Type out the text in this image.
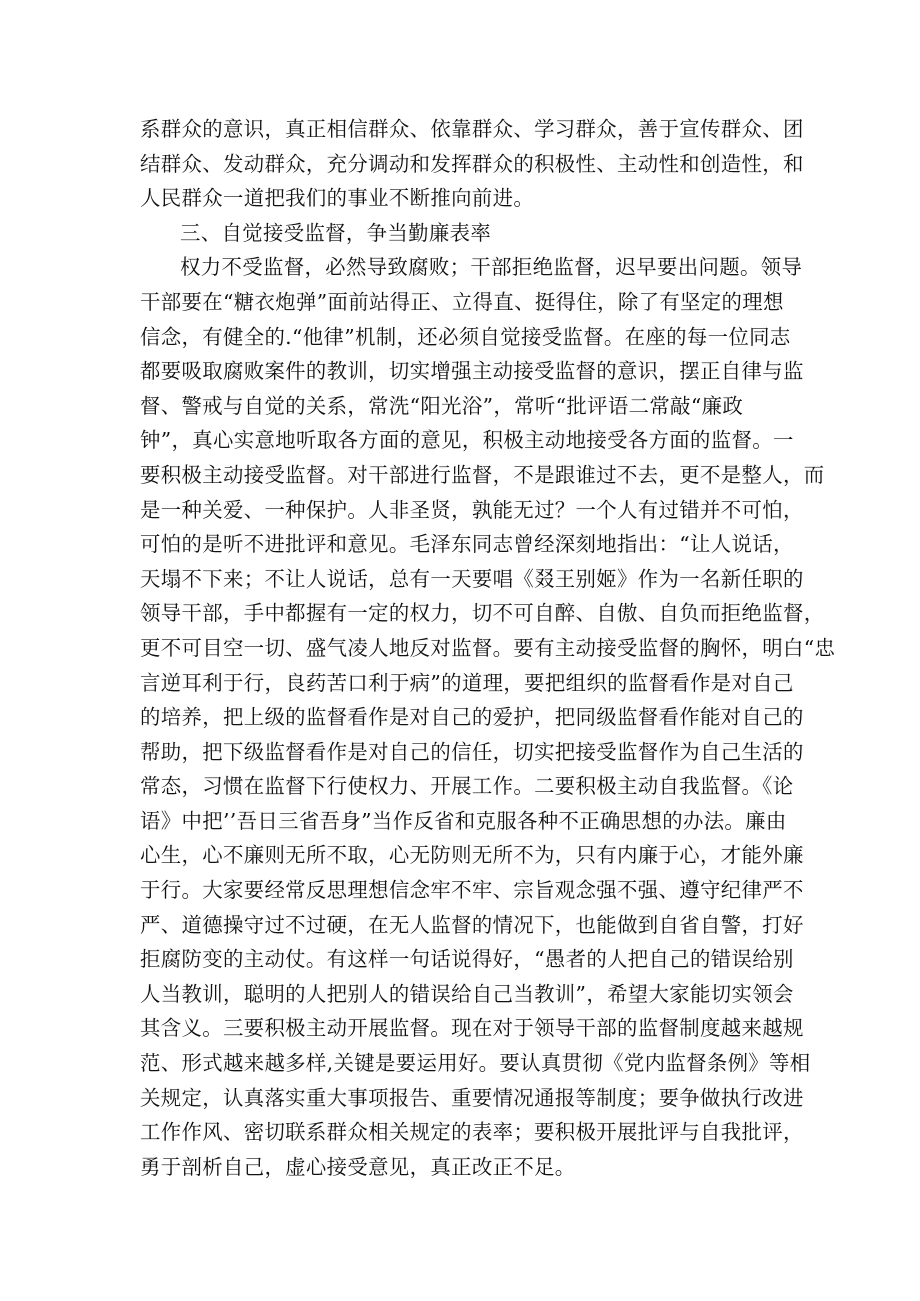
系群众的意识，真正相信群众、依靠群众、学习群众，善于宣传群众、团
结群众、发动群众，充分调动和发挥群众的积极性、主动性和创造性，和
人民群众一道把我们的事业不断推向前进。
三、自觉接受监督，争当勤廉表率
权力不受监督，必然导致腐败；干部拒绝监督，迟早要出问题。领导
干部要在“糖衣炮弹”面前站得正、立得直、挺得住，除了有坚定的理想
信念，有健全的.“他律”机制，还必须自觉接受监督。在座的每一位同志
都要吸取腐败案件的教训，切实增强主动接受监督的意识，摆正自律与监
督、警戒与自觉的关系，常洗“阳光浴”，常听“批评语二常敲“廉政
钟”，真心实意地听取各方面的意见，积极主动地接受各方面的监督。一
要积极主动接受监督。对干部进行监督，不是跟谁过不去，更不是整人，而
是一种关爱、一种保护。人非圣贤，孰能无过？一个人有过错并不可怕，
可怕的是听不进批评和意见。毛泽东同志曾经深刻地指出：“让人说话，
天塌不下来；不让人说话，总有一天要唱《叕王别姬》作为一名新任职的
领导干部，手中都握有一定的权力，切不可自醉、自傲、自负而拒绝监督，
更不可目空一切、盛气凌人地反对监督。要有主动接受监督的胸怀，明白“忠
言逆耳利于行，良药苦口利于病”的道理，要把组织的监督看作是对自己
的培养，把上级的监督看作是对自己的爱护，把同级监督看作能对自己的
帮助，把下级监督看作是对自己的信任，切实把接受监督作为自己生活的
常态，习惯在监督下行使权力、开展工作。二要积极主动自我监督。《论
语》中把’’吾日三省吾身”当作反省和克服各种不正确思想的办法。廉由
心生，心不廉则无所不取，心无防则无所不为，只有内廉于心，才能外廉
于行。大家要经常反思理想信念牢不牢、宗旨观念强不强、遵守纪律严不
严、道德操守过不过硬，在无人监督的情况下，也能做到自省自警，打好
拒腐防变的主动仗。有这样一句话说得好，“愚者的人把自己的错误给别
人当教训，聪明的人把别人的错误给自己当教训”，希望大家能切实领会
其含义。三要积极主动开展监督。现在对于领导干部的监督制度越来越规
范、形式越来越多样,关键是要运用好。要认真贯彻《党内监督条例》等相
关规定，认真落实重大事项报告、重要情况通报等制度；要争做执行改进
工作作风、密切联系群众相关规定的表率；要积极开展批评与自我批评，
勇于剖析自己，虚心接受意见，真正改正不足。
